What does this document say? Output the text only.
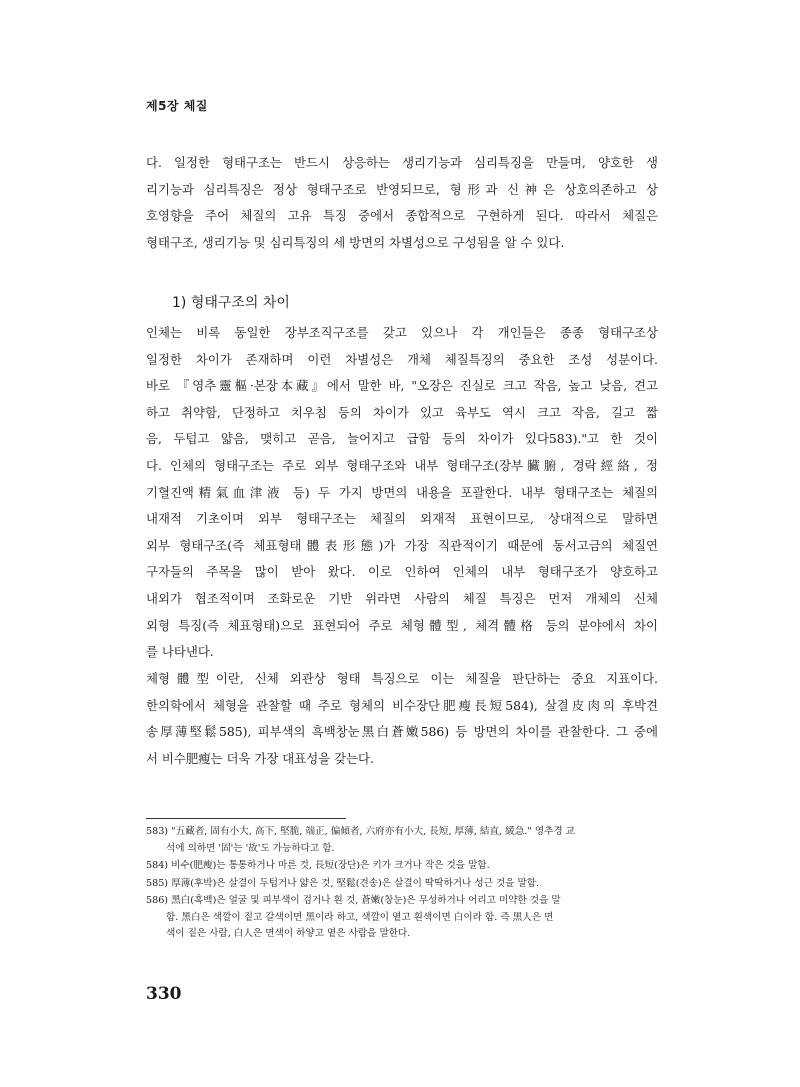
제5장 체질

다. 일정한 형태구조는 반드시 상응하는 생리기능과 심리특징을 만들며, 양호한 생
리기능과 심리특징은 정상 형태구조로 반영되므로, 형形과 신神은 상호의존하고 상
호영향을 주어 체질의 고유 특징 중에서 종합적으로 구현하게 된다. 따라서 체질은
형태구조, 생리기능 및 심리특징의 세 방면의 차별성으로 구성됨을 알 수 있다.

1) 형태구조의 차이

인체는 비록 동일한 장부조직구조를 갖고 있으나 각 개인들은 종종 형태구조상
일정한 차이가 존재하며 이런 차별성은 개체 체질특징의 중요한 조성 성분이다.
바로 『영추靈樞·본장本藏』에서 말한 바, "오장은 진실로 크고 작음, 높고 낮음, 견고
하고 취약함, 단정하고 치우침 등의 차이가 있고 육부도 역시 크고 작음, 길고 짧
음, 두텁고 얇음, 맺히고 곧음, 늘어지고 급함 등의 차이가 있다583)."고 한 것이
다. 인체의 형태구조는 주로 외부 형태구조와 내부 형태구조(장부臟腑, 경락經絡, 정
기혈진액精氣血津液 등) 두 가지 방면의 내용을 포괄한다. 내부 형태구조는 체질의
내재적 기초이며 외부 형태구조는 체질의 외재적 표현이므로, 상대적으로 말하면
외부 형태구조(즉 체표형태體表形態)가 가장 직관적이기 때문에 동서고금의 체질연
구자들의 주목을 많이 받아 왔다. 이로 인하여 인체의 내부 형태구조가 양호하고
내외가 협조적이며 조화로운 기반 위라면 사람의 체질 특징은 먼저 개체의 신체
외형 특징(즉 체표형태)으로 표현되어 주로 체형體型, 체격體格 등의 분야에서 차이
를 나타낸다.

체형體型이란, 신체 외관상 형태 특징으로 이는 체질을 판단하는 중요 지표이다.
한의학에서 체형을 관찰할 때 주로 형체의 비수장단肥瘦長短584), 살결皮肉의 후박견
송厚薄堅鬆585), 피부색의 흑백창눈黑白蒼嫩586) 등 방면의 차이를 관찰한다. 그 중에
서 비수肥瘦는 더욱 가장 대표성을 갖는다.

583) "五藏者, 固有小大, 高下, 堅脆, 端正, 偏傾者, 六府亦有小大, 長短, 厚薄, 結直, 緩急." 영추경 교
석에 의하면 '固'는 '故'도 가능하다고 함.

584) 비수(肥瘦)는 통통하거나 마른 것, 長短(장단)은 키가 크거나 작은 것을 말함.

585) 厚薄(후박)은 살결이 두텁거나 얇은 것, 堅鬆(견송)은 살결이 딱딱하거나 성근 것을 말함.

586) 黑白(흑백)은 얼굴 및 피부색이 검거나 흰 것, 蒼嫩(창눈)은 무성하거나 어리고 미약한 것을 말
함. 黑白은 색깔이 짙고 갈색이면 黑이라 하고, 색깔이 옅고 흰색이면 白이라 함. 즉 黑人은 면
색이 짙은 사람, 白人은 면색이 하얗고 옅은 사람을 말한다.

330
